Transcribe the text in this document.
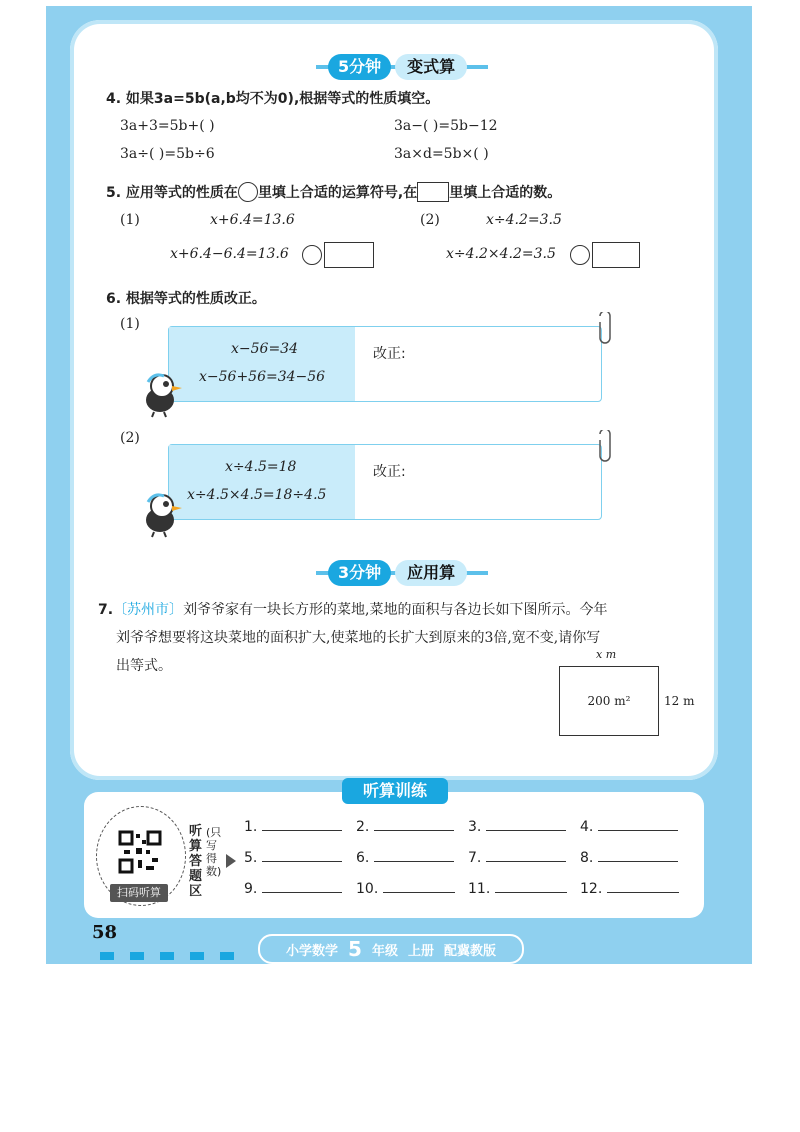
5分钟	变式算
4. 如果3a=5b(a,b均不为0),根据等式的性质填空。
3a+3=5b+( )	3a−( )=5b−12
3a÷( )=5b÷6	3a×d=5b×( )
5. 应用等式的性质在 里填上合适的运算符号,在 里填上合适的数。
(1)	x+6.4=13.6	(2)	x÷4.2=3.5
x+6.4−6.4=13.6	x÷4.2×4.2=3.5
6. 根据等式的性质改正。
(1)
x−56=34
x−56+56=34−56
改正:
(2)
x÷4.5=18
x÷4.5×4.5=18÷4.5
改正:
3分钟	应用算
7.〔苏州市〕刘爷爷家有一块长方形的菜地,菜地的面积与各边长如下图所示。今年
刘爷爷想要将这块菜地的面积扩大,使菜地的长扩大到原来的3倍,宽不变,请你写
出等式。
x m
200 m²	12 m
听算训练
扫码听算
听算答题区
(只写得数)
1.	2.	3.	4.
5.	6.	7.	8.
9.	10.	11.	12.
58
小学数学 5 年级 上册 配冀教版
